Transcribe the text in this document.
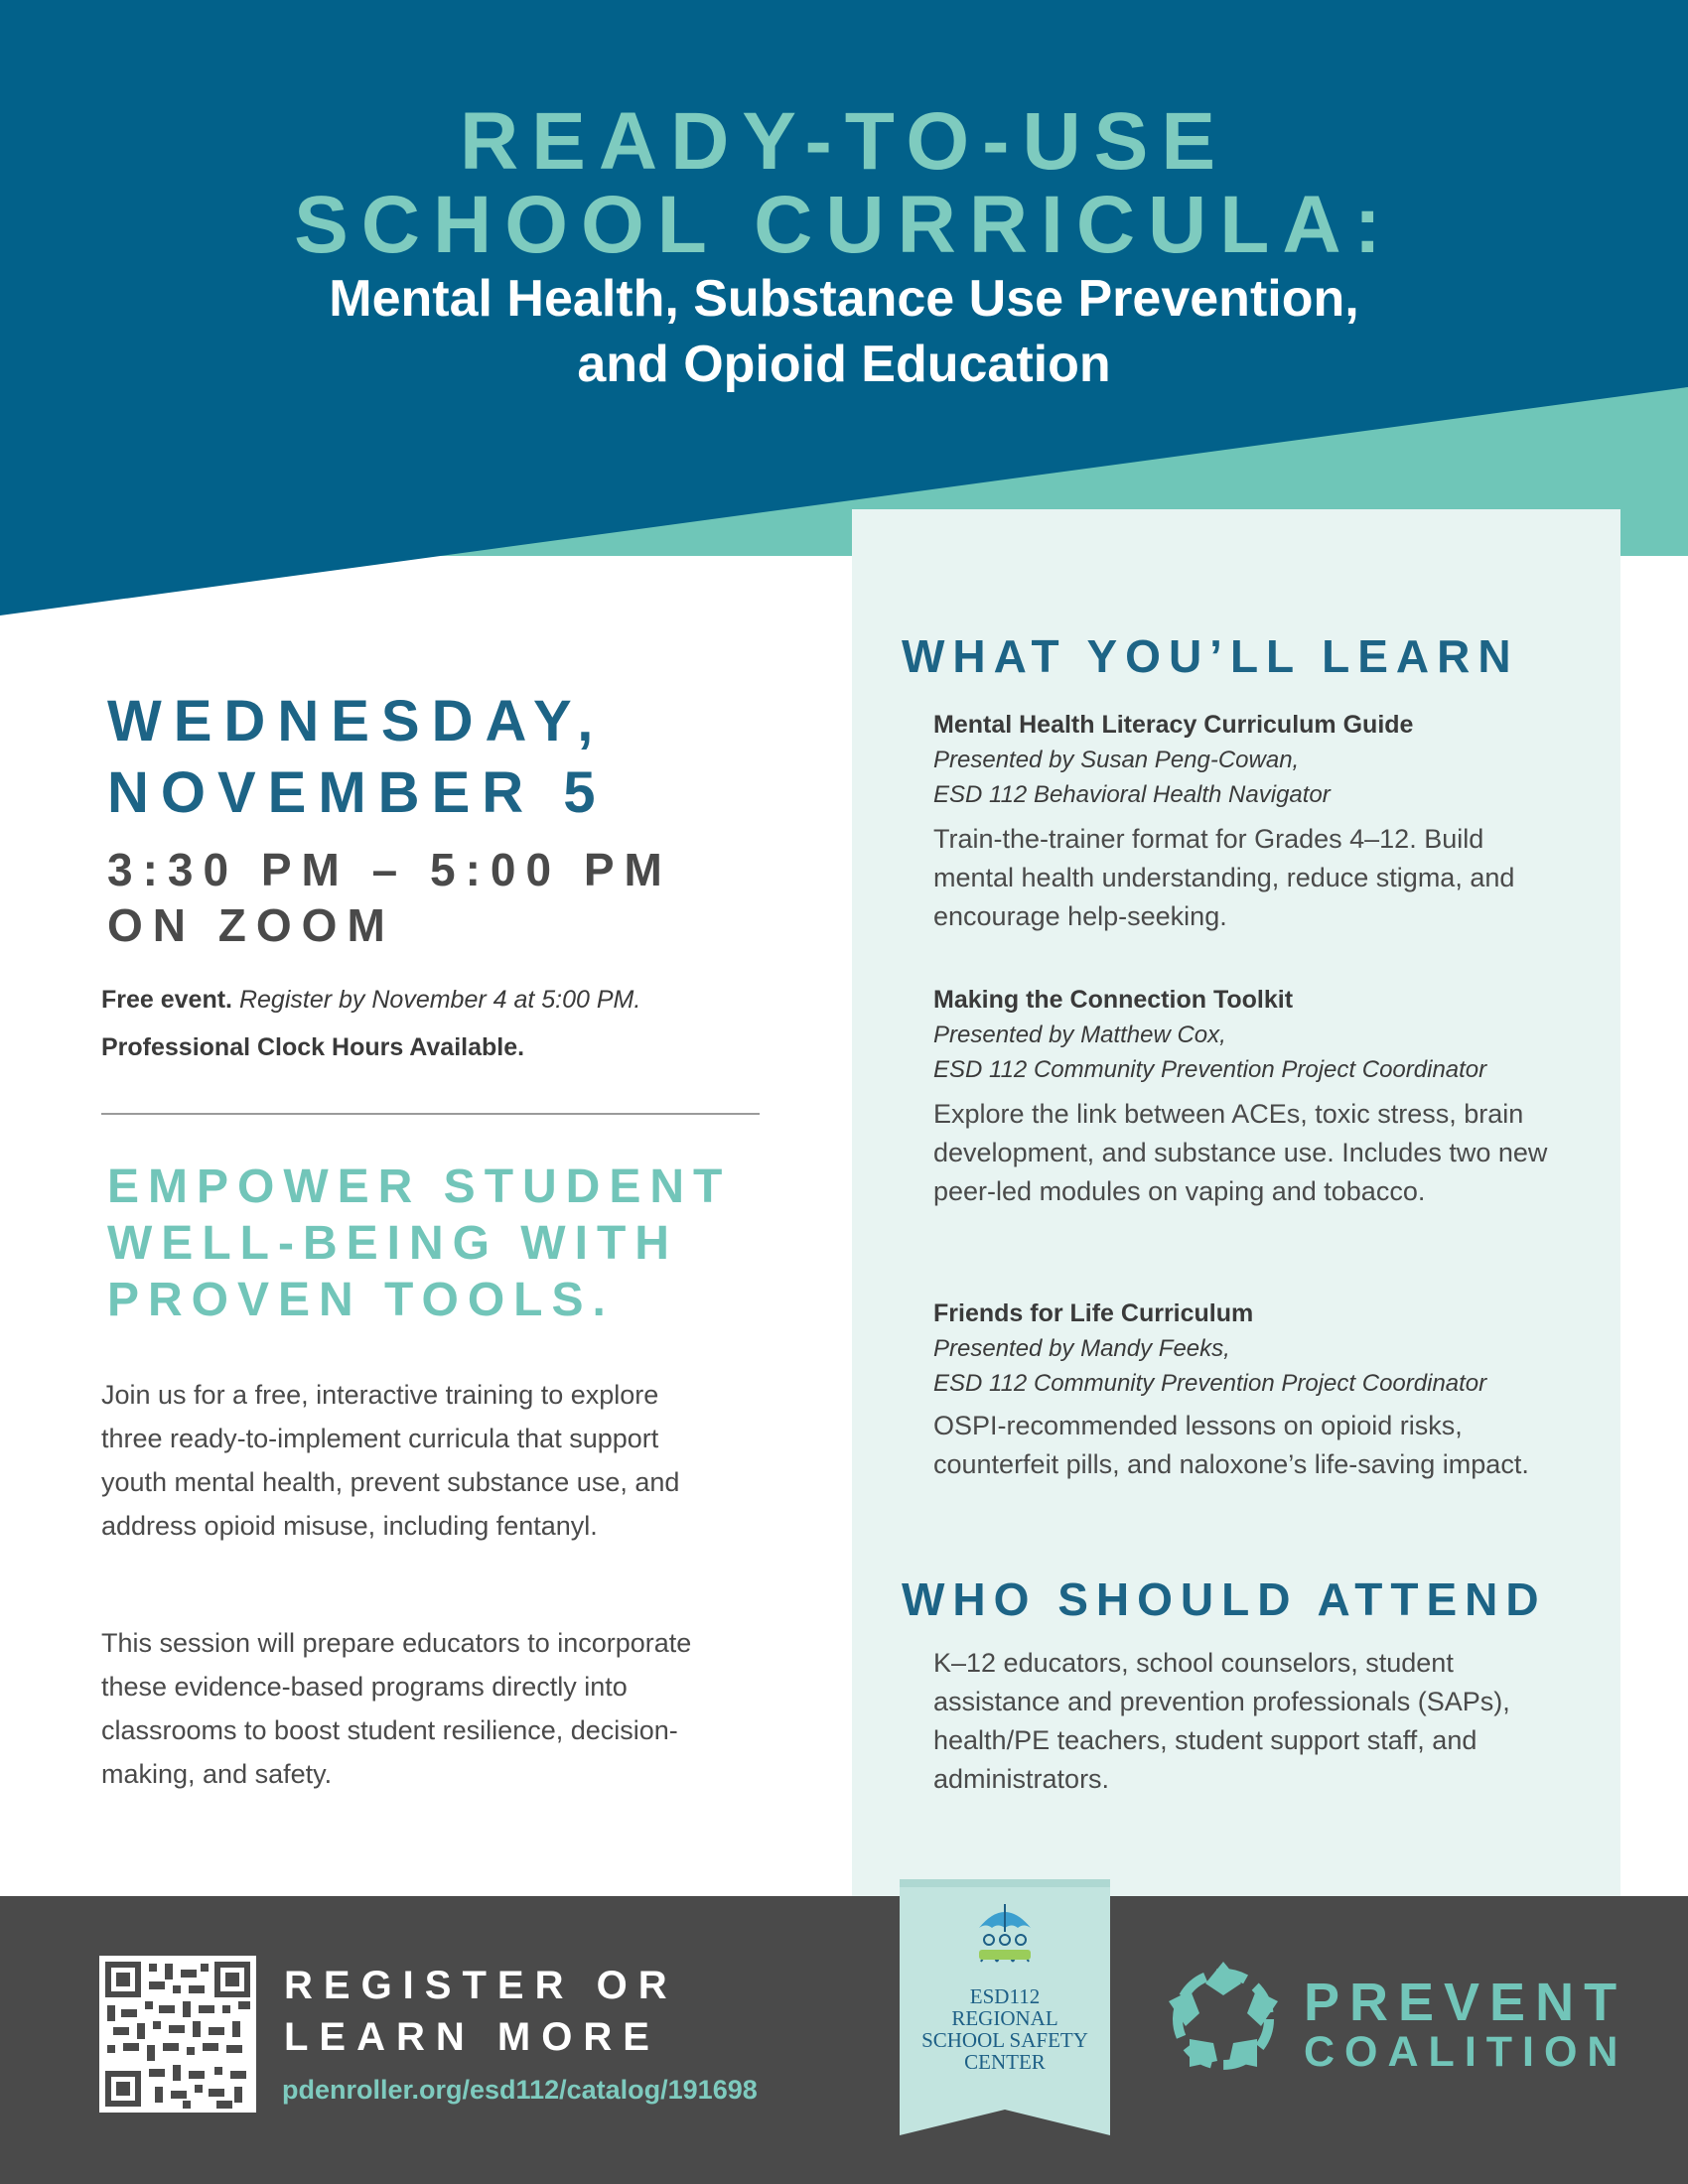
READY-TO-USE
SCHOOL CURRICULA:
Mental Health, Substance Use Prevention,
and Opioid Education
WEDNESDAY,
NOVEMBER 5
3:30 PM – 5:00 PM
ON ZOOM
Free event. Register by November 4 at 5:00 PM.
Professional Clock Hours Available.
EMPOWER STUDENT
WELL-BEING WITH
PROVEN TOOLS.
Join us for a free, interactive training to explore three ready-to-implement curricula that support youth mental health, prevent substance use, and address opioid misuse, including fentanyl.
This session will prepare educators to incorporate these evidence-based programs directly into classrooms to boost student resilience, decision-making, and safety.
WHAT YOU’LL LEARN
Mental Health Literacy Curriculum Guide
Presented by Susan Peng-Cowan,
ESD 112 Behavioral Health Navigator
Train-the-trainer format for Grades 4–12. Build mental health understanding, reduce stigma, and encourage help-seeking.
Making the Connection Toolkit
Presented by Matthew Cox,
ESD 112 Community Prevention Project Coordinator
Explore the link between ACEs, toxic stress, brain development, and substance use. Includes two new peer-led modules on vaping and tobacco.
Friends for Life Curriculum
Presented by Mandy Feeks,
ESD 112 Community Prevention Project Coordinator
OSPI-recommended lessons on opioid risks, counterfeit pills, and naloxone’s life-saving impact.
WHO SHOULD ATTEND
K–12 educators, school counselors, student assistance and prevention professionals (SAPs), health/PE teachers, student support staff, and administrators.
REGISTER OR
LEARN MORE
pdenroller.org/esd112/catalog/191698
ESD112
REGIONAL
SCHOOL SAFETY
CENTER
PREVENT
COALITION
